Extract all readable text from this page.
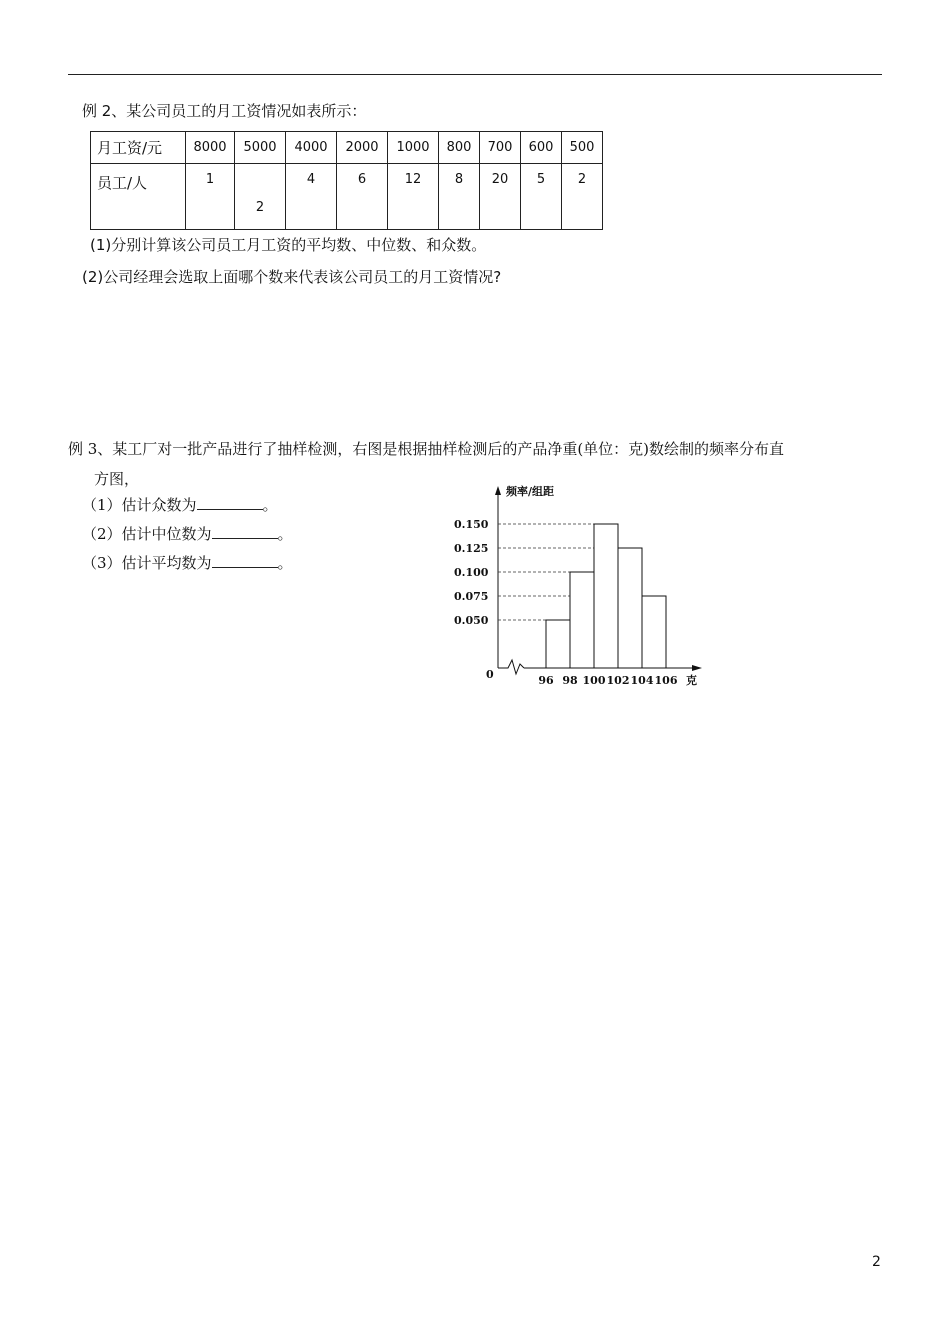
例 2、某公司员工的月工资情况如表所示：
月工资/元	8000	5000	4000	2000	1000	800	700	600	500
员工/人	1	2	4	6	12	8	20	5	2
(1)分别计算该公司员工月工资的平均数、中位数、和众数。
(2)公司经理会选取上面哪个数来代表该公司员工的月工资情况?
例 3、某工厂对一批产品进行了抽样检测，右图是根据抽样检测后的产品净重(单位：克)数绘制的频率分布直
方图，
（1）估计众数为	。
（2）估计中位数为	。
（3）估计平均数为	。
频率/组距
0	克
0.050
0.075
0.100
0.125
0.150
96 98 100 102 104 106
2
